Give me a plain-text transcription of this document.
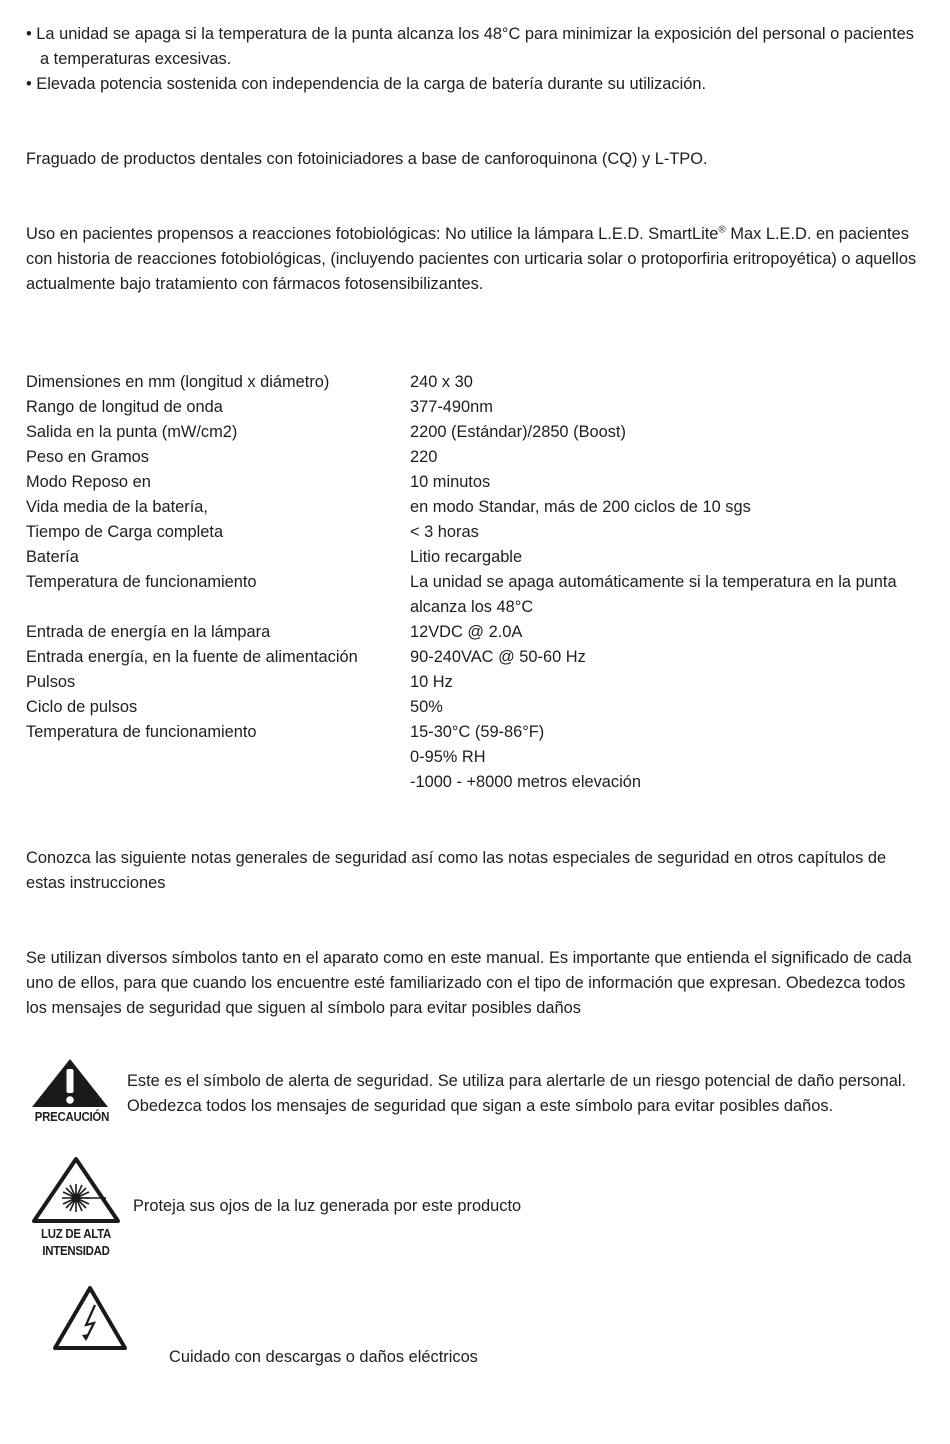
• La unidad se apaga si la temperatura de la punta alcanza los 48°C para minimizar la exposición del personal o pacientes a temperaturas excesivas.

• Elevada potencia sostenida con independencia de la carga de batería durante su utilización.

Fraguado de productos dentales con fotoiniciadores a base de canforoquinona (CQ) y L-TPO.

Uso en pacientes propensos a reacciones fotobiológicas: No utilice la lámpara L.E.D. SmartLite® Max L.E.D. en pacientes con historia de reacciones fotobiológicas, (incluyendo pacientes con urticaria solar o protoporfiria eritropoyética) o aquellos actualmente bajo tratamiento con fármacos fotosensibilizantes.

Dimensiones en mm (longitud x diámetro)	240 x 30
Rango de longitud de onda	377-490nm
Salida en la punta (mW/cm2)	2200 (Estándar)/2850 (Boost)
Peso en Gramos	220
Modo Reposo en	10 minutos
Vida media de la batería,	en modo Standar, más de 200 ciclos de 10 sgs
Tiempo de Carga completa	< 3 horas
Batería	Litio recargable
Temperatura de funcionamiento	La unidad se apaga automáticamente si la temperatura en la punta alcanza los 48°C
Entrada de energía en la lámpara	12VDC @ 2.0A
Entrada energía, en la fuente de alimentación	90-240VAC @ 50-60 Hz
Pulsos	10 Hz
Ciclo de pulsos	50%
Temperatura de funcionamiento	15-30°C (59-86°F)
0-95% RH
-1000 - +8000 metros elevación

Conozca las siguiente notas generales de seguridad así como las notas especiales de seguridad en otros capítulos de estas instrucciones

Se utilizan diversos símbolos tanto en el aparato como en este manual. Es importante que entienda el significado de cada uno de ellos, para que cuando los encuentre esté familiarizado con el tipo de información que expresan. Obedezca todos los mensajes de seguridad que siguen al símbolo para evitar posibles daños

PRECAUCIÓN

Este es el símbolo de alerta de seguridad. Se utiliza para alertarle de un riesgo potencial de daño personal. Obedezca todos los mensajes de seguridad que sigan a este símbolo para evitar posibles daños.

LUZ DE ALTA
INTENSIDAD

Proteja sus ojos de la luz generada por este producto

Cuidado con descargas o daños eléctricos
